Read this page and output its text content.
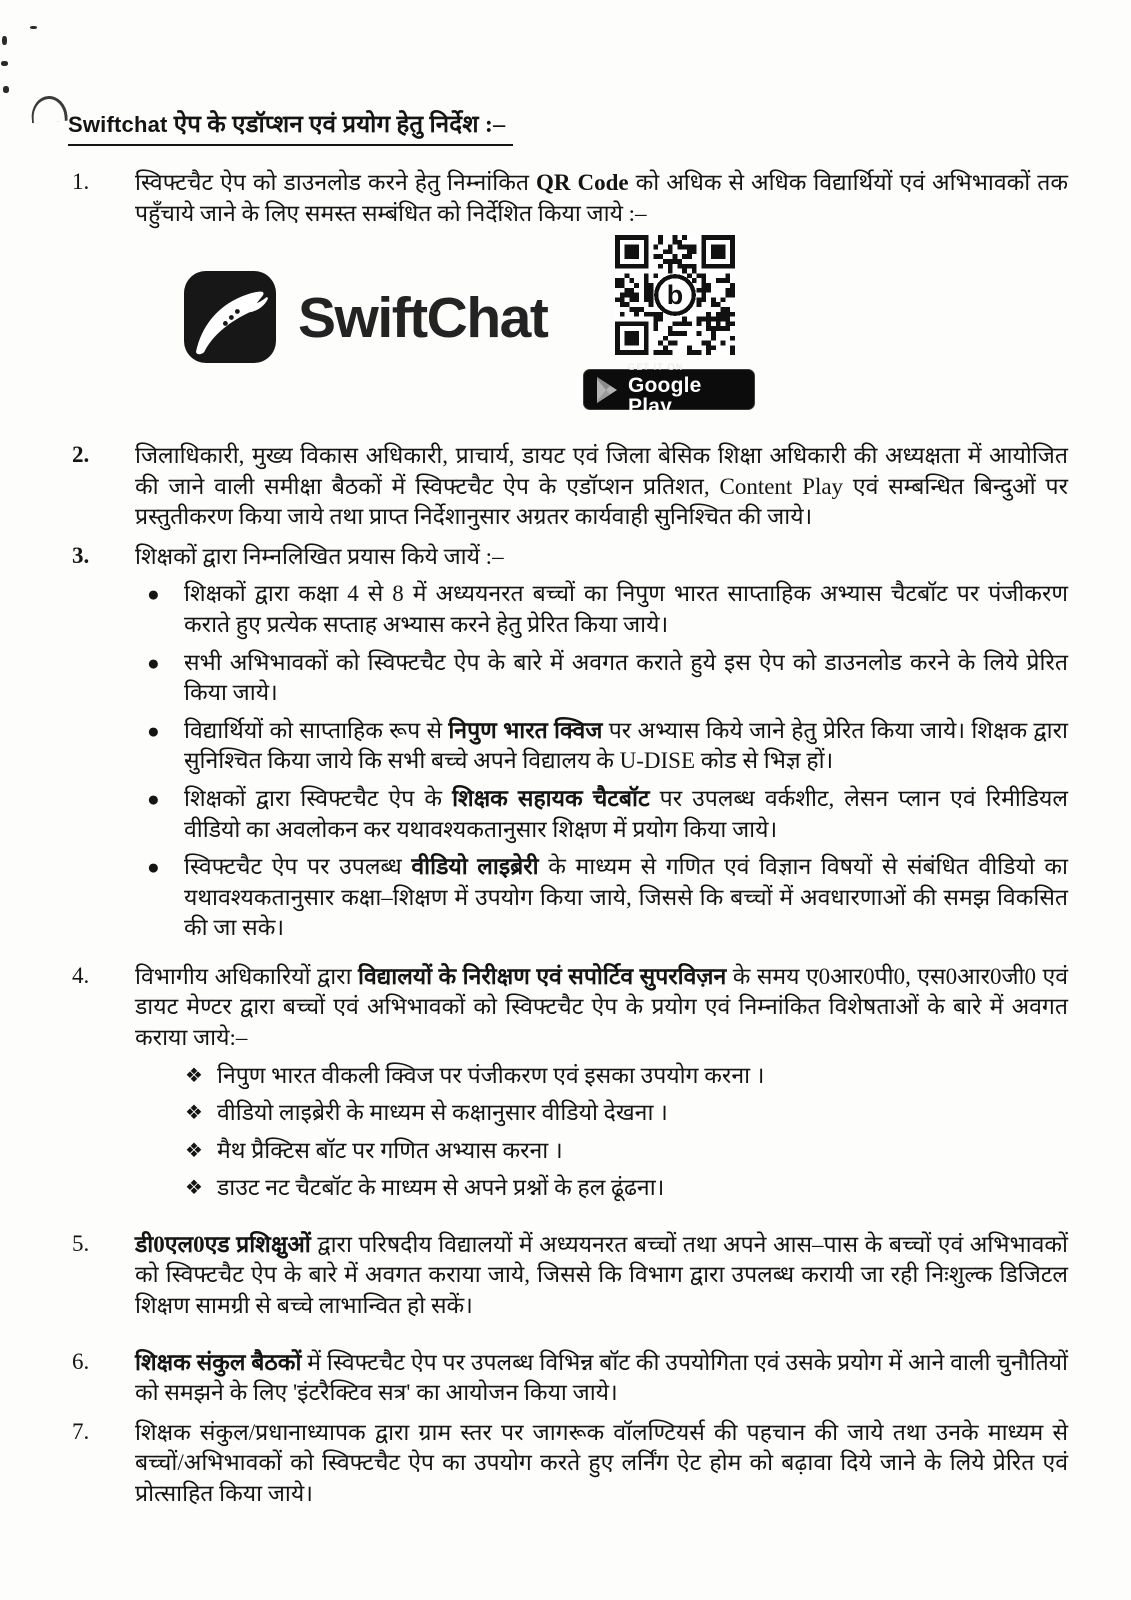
Swiftchat ऐप के एडॉप्शन एवं प्रयोग हेतु निर्देश :–
1.	स्विफ्टचैट ऐप को डाउनलोड करने हेतु निम्नांकित QR Code को अधिक से अधिक विद्यार्थियों एवं अभिभावकों तक पहुँचाये जाने के लिए समस्त सम्बंधित को निर्देशित किया जाये :–
SwiftChat	b
GET IT ON
Google Play
2.	जिलाधिकारी, मुख्य विकास अधिकारी, प्राचार्य, डायट एवं जिला बेसिक शिक्षा अधिकारी की अध्यक्षता में आयोजित की जाने वाली समीक्षा बैठकों में स्विफ्टचैट ऐप के एडॉप्शन प्रतिशत, Content Play एवं सम्बन्धित बिन्दुओं पर प्रस्तुतीकरण किया जाये तथा प्राप्त निर्देशानुसार अग्रतर कार्यवाही सुनिश्चित की जाये।
3.	शिक्षकों द्वारा निम्नलिखित प्रयास किये जायें :–
●	शिक्षकों द्वारा कक्षा 4 से 8 में अध्ययनरत बच्चों का निपुण भारत साप्ताहिक अभ्यास चैटबॉट पर पंजीकरण कराते हुए प्रत्येक सप्ताह अभ्यास करने हेतु प्रेरित किया जाये।
●	सभी अभिभावकों को स्विफ्टचैट ऐप के बारे में अवगत कराते हुये इस ऐप को डाउनलोड करने के लिये प्रेरित किया जाये।
●	विद्यार्थियों को साप्ताहिक रूप से निपुण भारत क्विज पर अभ्यास किये जाने हेतु प्रेरित किया जाये। शिक्षक द्वारा सुनिश्चित किया जाये कि सभी बच्चे अपने विद्यालय के U-DISE कोड से भिज्ञ हों।
●	शिक्षकों द्वारा स्विफ्टचैट ऐप के शिक्षक सहायक चैटबॉट पर उपलब्ध वर्कशीट, लेसन प्लान एवं रिमीडियल वीडियो का अवलोकन कर यथावश्यकतानुसार शिक्षण में प्रयोग किया जाये।
●	स्विफ्टचैट ऐप पर उपलब्ध वीडियो लाइब्रेरी के माध्यम से गणित एवं विज्ञान विषयों से संबंधित वीडियो का यथावश्यकतानुसार कक्षा–शिक्षण में उपयोग किया जाये, जिससे कि बच्चों में अवधारणाओं की समझ विकसित की जा सके।
4.	विभागीय अधिकारियों द्वारा विद्यालयों के निरीक्षण एवं सपोर्टिव सुपरविज़न के समय ए0आर0पी0, एस0आर0जी0 एवं डायट मेण्टर द्वारा बच्चों एवं अभिभावकों को स्विफ्टचैट ऐप के प्रयोग एवं निम्नांकित विशेषताओं के बारे में अवगत कराया जाये:–
❖ निपुण भारत वीकली क्विज पर पंजीकरण एवं इसका उपयोग करना ।
❖ वीडियो लाइब्रेरी के माध्यम से कक्षानुसार वीडियो देखना ।
❖ मैथ प्रैक्टिस बॉट पर गणित अभ्यास करना ।
❖ डाउट नट चैटबॉट के माध्यम से अपने प्रश्नों के हल ढूंढना।
5.	डी0एल0एड प्रशिक्षुओं द्वारा परिषदीय विद्यालयों में अध्ययनरत बच्चों तथा अपने आस–पास के बच्चों एवं अभिभावकों को स्विफ्टचैट ऐप के बारे में अवगत कराया जाये, जिससे कि विभाग द्वारा उपलब्ध करायी जा रही निःशुल्क डिजिटल शिक्षण सामग्री से बच्चे लाभान्वित हो सकें।
6.	शिक्षक संकुल बैठकों में स्विफ्टचैट ऐप पर उपलब्ध विभिन्न बॉट की उपयोगिता एवं उसके प्रयोग में आने वाली चुनौतियों को समझने के लिए 'इंटरैक्टिव सत्र' का आयोजन किया जाये।
7.	शिक्षक संकुल/प्रधानाध्यापक द्वारा ग्राम स्तर पर जागरूक वॉलण्टियर्स की पहचान की जाये तथा उनके माध्यम से बच्चों/अभिभावकों को स्विफ्टचैट ऐप का उपयोग करते हुए लर्निंग ऐट होम को बढ़ावा दिये जाने के लिये प्रेरित एवं प्रोत्साहित किया जाये।
